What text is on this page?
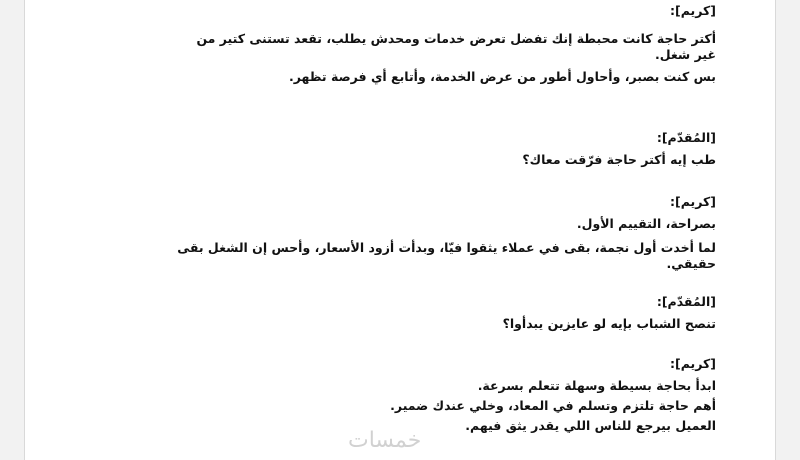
[كريم]:
أكتر حاجة كانت محبطة إنك تفضل تعرض خدمات ومحدش يطلب، تقعد تستنى كتير من
غير شغل.
بس كنت بصبر، وأحاول أطور من عرض الخدمة، وأتابع أي فرصة تظهر.
[المُقدّم]:
طب إيه أكتر حاجة فرّقت معاك؟
[كريم]:
بصراحة، التقييم الأول.
لما أخدت أول نجمة، بقى في عملاء يثقوا فيّا، وبدأت أزود الأسعار، وأحس إن الشغل بقى
حقيقي.
[المُقدّم]:
تنصح الشباب بإيه لو عايزين يبدأوا؟
[كريم]:
ابدأ بحاجة بسيطة وسهلة تتعلم بسرعة.
أهم حاجة تلتزم وتسلم في المعاد، وخلي عندك ضمير.
العميل بيرجع للناس اللي يقدر يثق فيهم.
خمسات
